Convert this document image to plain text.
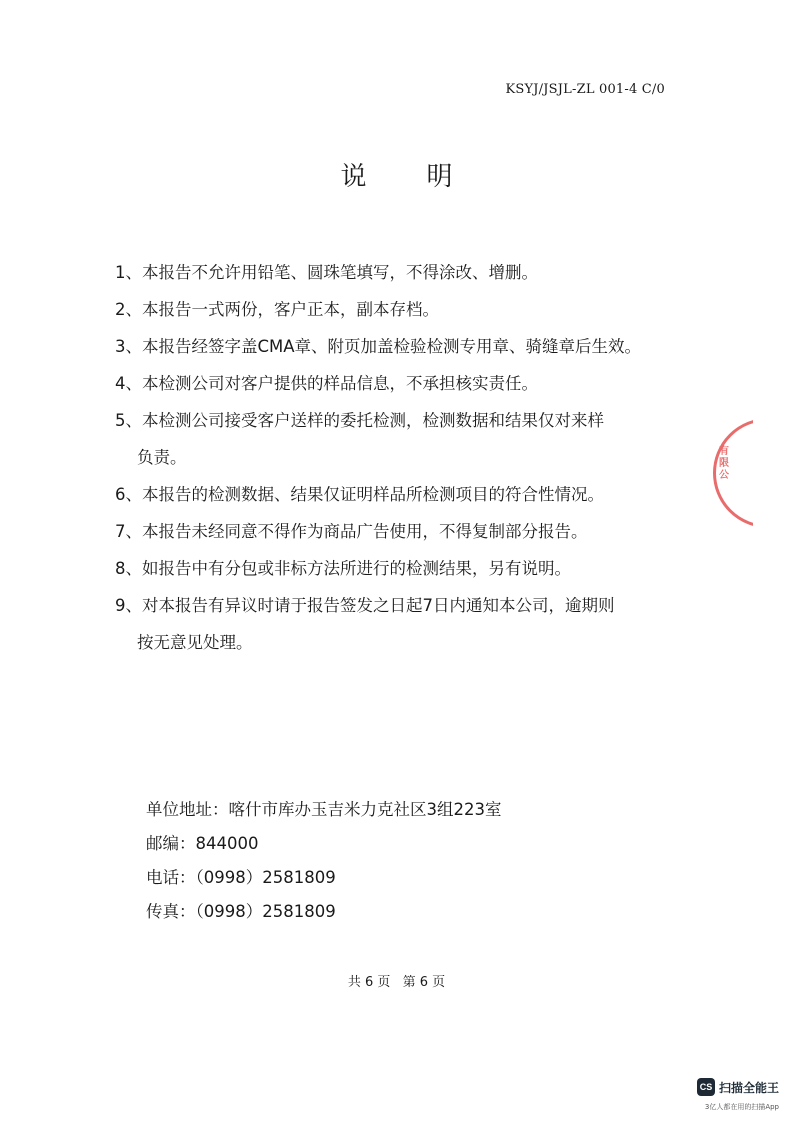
KSYJ/JSJL-ZL 001-4 C/0
说 明
1、本报告不允许用铅笔、圆珠笔填写，不得涂改、增删。
2、本报告一式两份，客户正本，副本存档。
3、本报告经签字盖CMA章、附页加盖检验检测专用章、骑缝章后生效。
4、本检测公司对客户提供的样品信息，不承担核实责任。
5、本检测公司接受客户送样的委托检测，检测数据和结果仅对来样
负责。
6、本报告的检测数据、结果仅证明样品所检测项目的符合性情况。
7、本报告未经同意不得作为商品广告使用，不得复制部分报告。
8、如报告中有分包或非标方法所进行的检测结果，另有说明。
9、对本报告有异议时请于报告签发之日起7日内通知本公司，逾期则
按无意见处理。
单位地址：喀什市库办玉吉米力克社区3组223室
邮编：844000
电话：（0998）2581809
传真：（0998）2581809
共 6 页 第 6 页
有限公
CS 扫描全能王
3亿人都在用的扫描App
